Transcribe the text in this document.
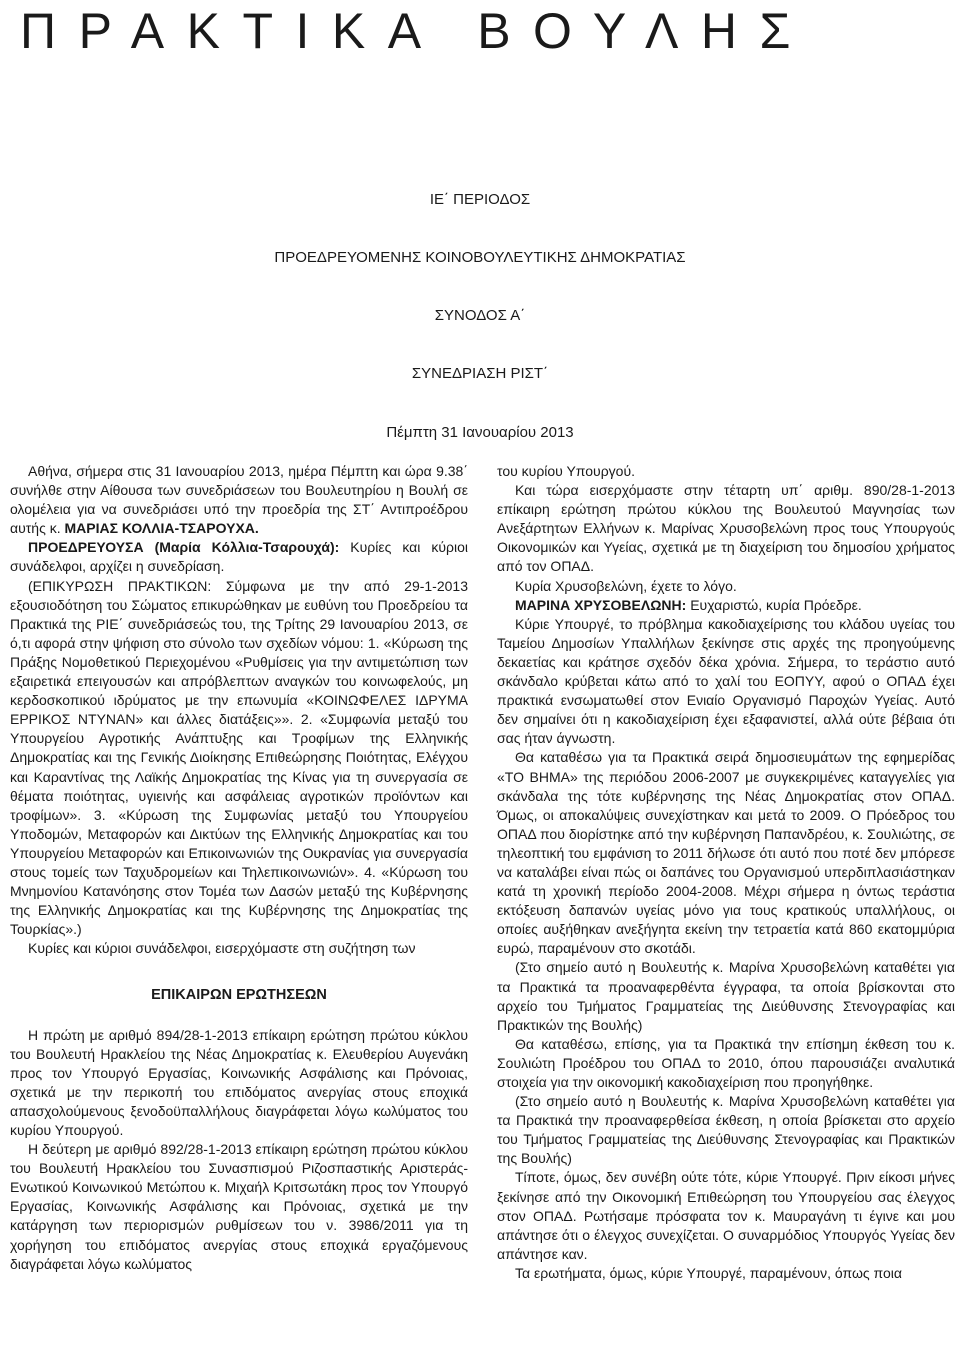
ΠΡΑΚΤΙΚΑ ΒΟΥΛΗΣ

ΙΕ΄ ΠΕΡΙΟΔΟΣ

ΠΡΟΕΔΡΕΥΟΜΕΝΗΣ ΚΟΙΝΟΒΟΥΛΕΥΤΙΚΗΣ ΔΗΜΟΚΡΑΤΙΑΣ

ΣΥΝΟΔΟΣ Α΄

ΣΥΝΕΔΡΙΑΣΗ ΡΙΣΤ΄

Πέμπτη 31 Ιανουαρίου 2013

Αθήνα, σήμερα στις 31 Ιανουαρίου 2013, ημέρα Πέμπτη και ώρα 9.38΄ συνήλθε στην Αίθουσα των συνεδριάσεων του Βουλευτηρίου η Βουλή σε ολομέλεια για να συνεδριάσει υπό την προεδρία της ΣΤ΄ Αντιπροέδρου αυτής κ. ΜΑΡΙΑΣ ΚΟΛΛΙΑ-ΤΣΑΡΟΥΧΑ.

ΠΡΟΕΔΡΕΥΟΥΣΑ (Μαρία Κόλλια-Τσαρουχά): Κυρίες και κύριοι συνάδελφοι, αρχίζει η συνεδρίαση.

(ΕΠΙΚΥΡΩΣΗ ΠΡΑΚΤΙΚΩΝ: Σύμφωνα με την από 29-1-2013 εξουσιοδότηση του Σώματος επικυρώθηκαν με ευθύνη του Προεδρείου τα Πρακτικά της ΡΙΕ΄ συνεδριάσεώς του, της Τρίτης 29 Ιανουαρίου 2013, σε ό,τι αφορά στην ψήφιση στο σύνολο των σχεδίων νόμου: 1. «Κύρωση της Πράξης Νομοθετικού Περιεχομένου «Ρυθμίσεις για την αντιμετώπιση των εξαιρετικά επειγουσών και απρόβλεπτων αναγκών του κοινωφελούς, μη κερδοσκοπικού ιδρύματος με την επωνυμία «ΚΟΙΝΩΦΕΛΕΣ ΙΔΡΥΜΑ ΕΡΡΙΚΟΣ ΝΤΥΝΑΝ» και άλλες διατάξεις»». 2. «Συμφωνία μεταξύ του Υπουργείου Αγροτικής Ανάπτυξης και Τροφίμων της Ελληνικής Δημοκρατίας και της Γενικής Διοίκησης Επιθεώρησης Ποιότητας, Ελέγχου και Καραντίνας της Λαϊκής Δημοκρατίας της Κίνας για τη συνεργασία σε θέματα ποιότητας, υγιεινής και ασφάλειας αγροτικών προϊόντων και τροφίμων». 3. «Κύρωση της Συμφωνίας μεταξύ του Υπουργείου Υποδομών, Μεταφορών και Δικτύων της Ελληνικής Δημοκρατίας και του Υπουργείου Μεταφορών και Επικοινωνιών της Ουκρανίας για συνεργασία στους τομείς των Ταχυδρομείων και Τηλεπικοινωνιών». 4. «Κύρωση του Μνημονίου Κατανόησης στον Τομέα των Δασών μεταξύ της Κυβέρνησης της Ελληνικής Δημοκρατίας και της Κυβέρνησης της Δημοκρατίας της Τουρκίας».)

Κυρίες και κύριοι συνάδελφοι, εισερχόμαστε στη συζήτηση των

ΕΠΙΚΑΙΡΩΝ ΕΡΩΤΗΣΕΩΝ

Η πρώτη με αριθμό 894/28-1-2013 επίκαιρη ερώτηση πρώτου κύκλου του Βουλευτή Ηρακλείου της Νέας Δημοκρατίας κ. Ελευθερίου Αυγενάκη προς τον Υπουργό Εργασίας, Κοινωνικής Ασφάλισης και Πρόνοιας, σχετικά με την περικοπή του επιδόματος ανεργίας στους εποχικά απασχολούμενους ξενοδοϋπαλλήλους διαγράφεται λόγω κωλύματος του κυρίου Υπουργού.

Η δεύτερη με αριθμό 892/28-1-2013 επίκαιρη ερώτηση πρώτου κύκλου του Βουλευτή Ηρακλείου του Συνασπισμού Ριζοσπαστικής Αριστεράς-Ενωτικού Κοινωνικού Μετώπου κ. Μιχαήλ Κριτσωτάκη προς τον Υπουργό Εργασίας, Κοινωνικής Ασφάλισης και Πρόνοιας, σχετικά με την κατάργηση των περιορισμών ρυθμίσεων του ν. 3986/2011 για τη χορήγηση του επιδόματος ανεργίας στους εποχικά εργαζόμενους διαγράφεται λόγω κωλύματος

του κυρίου Υπουργού.

Και τώρα εισερχόμαστε στην τέταρτη υπ΄ αριθμ. 890/28-1-2013 επίκαιρη ερώτηση πρώτου κύκλου της Βουλευτού Μαγνησίας των Ανεξάρτητων Ελλήνων κ. Μαρίνας Χρυσοβελώνη προς τους Υπουργούς Οικονομικών και Υγείας, σχετικά με τη διαχείριση του δημοσίου χρήματος από τον ΟΠΑΔ.

Κυρία Χρυσοβελώνη, έχετε το λόγο.

ΜΑΡΙΝΑ ΧΡΥΣΟΒΕΛΩΝΗ: Ευχαριστώ, κυρία Πρόεδρε.

Κύριε Υπουργέ, το πρόβλημα κακοδιαχείρισης του κλάδου υγείας του Ταμείου Δημοσίων Υπαλλήλων ξεκίνησε στις αρχές της προηγούμενης δεκαετίας και κράτησε σχεδόν δέκα χρόνια. Σήμερα, το τεράστιο αυτό σκάνδαλο κρύβεται κάτω από το χαλί του ΕΟΠΥΥ, αφού ο ΟΠΑΔ έχει πρακτικά ενσωματωθεί στον Ενιαίο Οργανισμό Παροχών Υγείας. Αυτό δεν σημαίνει ότι η κακοδιαχείριση έχει εξαφανιστεί, αλλά ούτε βέβαια ότι σας ήταν άγνωστη.

Θα καταθέσω για τα Πρακτικά σειρά δημοσιευμάτων της εφημερίδας «ΤΟ ΒΗΜΑ» της περιόδου 2006-2007 με συγκεκριμένες καταγγελίες για σκάνδαλα της τότε κυβέρνησης της Νέας Δημοκρατίας στον ΟΠΑΔ. Όμως, οι αποκαλύψεις συνεχίστηκαν και μετά το 2009. Ο Πρόεδρος του ΟΠΑΔ που διορίστηκε από την κυβέρνηση Παπανδρέου, κ. Σουλιώτης, σε τηλεοπτική του εμφάνιση το 2011 δήλωσε ότι αυτό που ποτέ δεν μπόρεσε να καταλάβει είναι πώς οι δαπάνες του Οργανισμού υπερδιπλασιάστηκαν κατά τη χρονική περίοδο 2004-2008. Μέχρι σήμερα η όντως τεράστια εκτόξευση δαπανών υγείας μόνο για τους κρατικούς υπαλλήλους, οι οποίες αυξήθηκαν ανεξήγητα εκείνη την τετραετία κατά 860 εκατομμύρια ευρώ, παραμένουν στο σκοτάδι.

(Στο σημείο αυτό η Βουλευτής κ. Μαρίνα Χρυσοβελώνη καταθέτει για τα Πρακτικά τα προαναφερθέντα έγγραφα, τα οποία βρίσκονται στο αρχείο του Τμήματος Γραμματείας της Διεύθυνσης Στενογραφίας και Πρακτικών της Βουλής)

Θα καταθέσω, επίσης, για τα Πρακτικά την επίσημη έκθεση του κ. Σουλιώτη Προέδρου του ΟΠΑΔ το 2010, όπου παρουσιάζει αναλυτικά στοιχεία για την οικονομική κακοδιαχείριση που προηγήθηκε.

(Στο σημείο αυτό η Βουλευτής κ. Μαρίνα Χρυσοβελώνη καταθέτει για τα Πρακτικά την προαναφερθείσα έκθεση, η οποία βρίσκεται στο αρχείο του Τμήματος Γραμματείας της Διεύθυνσης Στενογραφίας και Πρακτικών της Βουλής)

Τίποτε, όμως, δεν συνέβη ούτε τότε, κύριε Υπουργέ. Πριν είκοσι μήνες ξεκίνησε από την Οικονομική Επιθεώρηση του Υπουργείου σας έλεγχος στον ΟΠΑΔ. Ρωτήσαμε πρόσφατα τον κ. Μαυραγάνη τι έγινε και μου απάντησε ότι ο έλεγχος συνεχίζεται. Ο συναρμόδιος Υπουργός Υγείας δεν απάντησε καν.

Τα ερωτήματα, όμως, κύριε Υπουργέ, παραμένουν, όπως ποια
